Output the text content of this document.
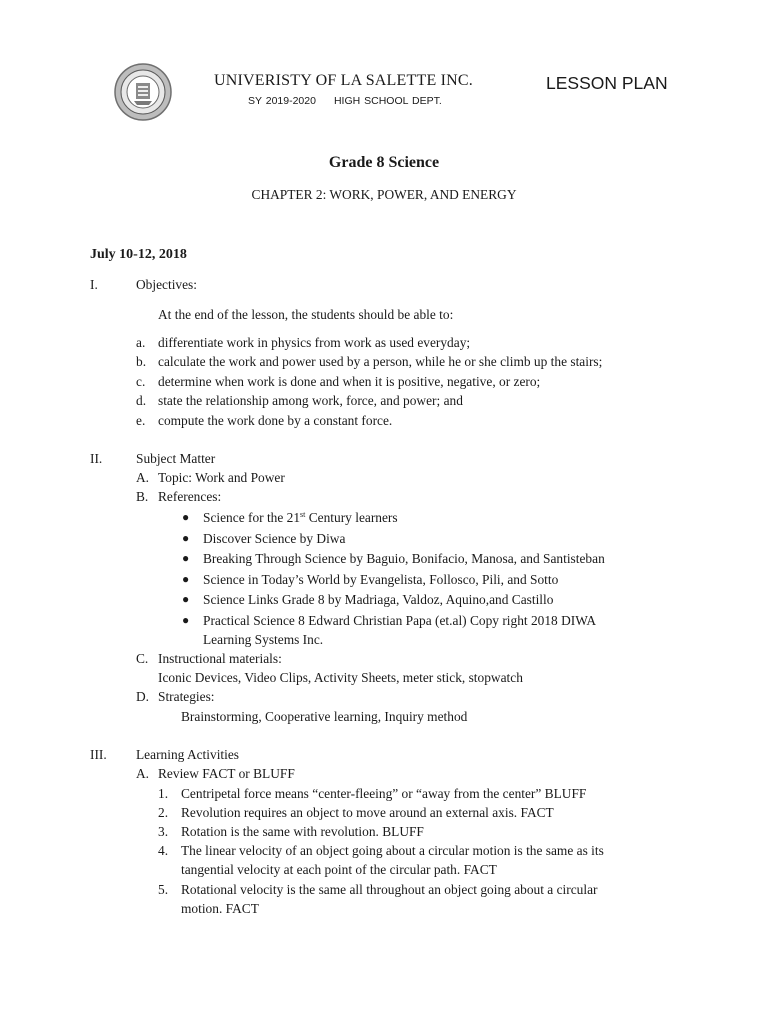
UNIVERISTY OF LA SALETTE INC.	LESSON PLAN
SY 2019-2020 HIGH SCHOOL DEPT.
Grade 8 Science
CHAPTER 2: WORK, POWER, AND ENERGY
July 10-12, 2018
I.	Objectives:
At the end of the lesson, the students should be able to:
a. differentiate work in physics from work as used everyday;
b. calculate the work and power used by a person, while he or she climb up the stairs;
c. determine when work is done and when it is positive, negative, or zero;
d. state the relationship among work, force, and power; and
e. compute the work done by a constant force.
II.	Subject Matter
A. Topic: Work and Power
B. References:
● Science for the 21st Century learners
● Discover Science by Diwa
● Breaking Through Science by Baguio, Bonifacio, Manosa, and Santisteban
● Science in Today’s World by Evangelista, Follosco, Pili, and Sotto
● Science Links Grade 8 by Madriaga, Valdoz, Aquino,and Castillo
● Practical Science 8 Edward Christian Papa (et.al) Copy right 2018 DIWA
Learning Systems Inc.
C. Instructional materials:
Iconic Devices, Video Clips, Activity Sheets, meter stick, stopwatch
D. Strategies:
Brainstorming, Cooperative learning, Inquiry method
III. Learning Activities
A. Review FACT or BLUFF
1. Centripetal force means “center-fleeing” or “away from the center” BLUFF
2. Revolution requires an object to move around an external axis. FACT
3. Rotation is the same with revolution. BLUFF
4. The linear velocity of an object going about a circular motion is the same as its
tangential velocity at each point of the circular path. FACT
5. Rotational velocity is the same all throughout an object going about a circular
motion. FACT
